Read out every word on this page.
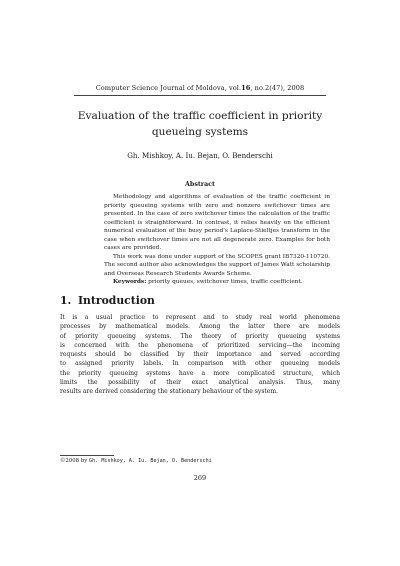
Computer Science Journal of Moldova, vol.16, no.2(47), 2008
Evaluation of the traffic coefficient in priority
queueing systems
Gh. Mishkoy, A. Iu. Bejan, O. Benderschi
Abstract

Methodology and algorithms of evaluation of the traffic coefficient in priority queueing systems with zero and nonzero switchover times are presented. In the case of zero switchover times the calculation of the traffic coefficient is straightforward. In contrast, it relies heavily on the efficient numerical evaluation of the busy period's Laplace-Stieltjes transform in the case when switchover times are not all degenerate zero. Examples for both cases are provided.

This work was done under support of the SCOPES grant IB7320-110720. The second author also acknowledges the support of James Watt scholarship and Overseas Research Students Awards Scheme.

Keywords: priority queues, switchover times, traffic coefficient.

1. Introduction
It is a usual practice to represent and to study real world phenomena
processes by mathematical models. Among the latter there are models
of priority queueing systems. The theory of priority queueing systems
is concerned with the phenomena of prioritized servicing—the incoming
requests should be classified by their importance and served according
to assigned priority labels. In comparison with other queueing models
the priority queueing systems have a more complicated structure, which
limits the possibility of their exact analytical analysis. Thus, many
results are derived considering the stationary behaviour of the system.
©2008 by Gh. Mishkoy, A. Iu. Bejan, O. Benderschi
269
